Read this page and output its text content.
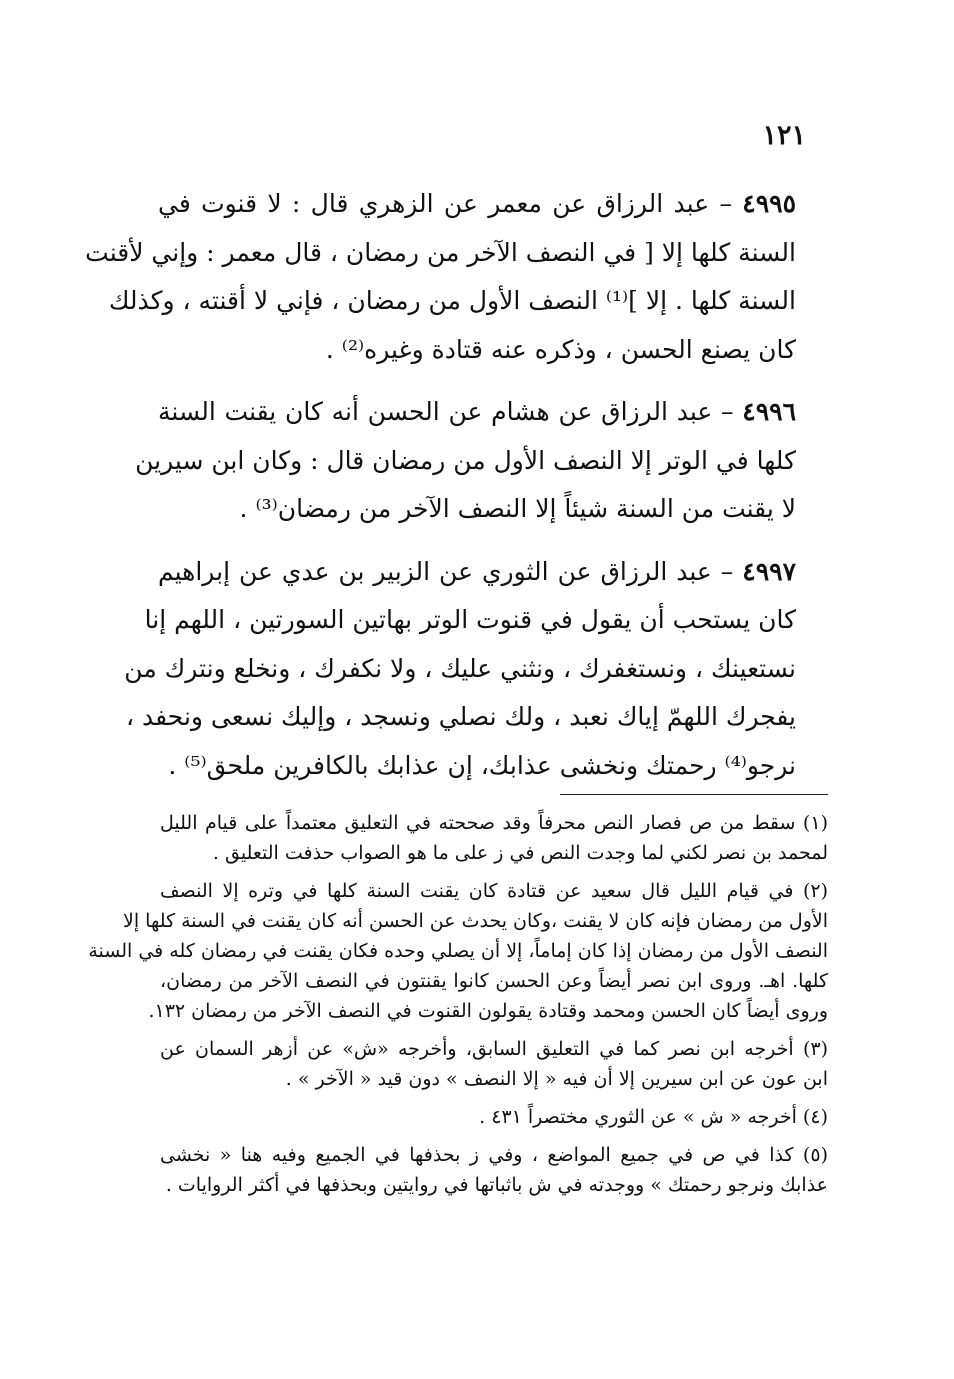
١٢١
٤٩٩٥ – عبد الرزاق عن معمر عن الزهري قال : لا قنوت في
السنة كلها إلا [ في النصف الآخر من رمضان ، قال معمر : وإني لأقنت
السنة كلها . إلا ]⁽¹⁾ النصف الأول من رمضان ، فإني لا أقنته ، وكذلك
كان يصنع الحسن ، وذكره عنه قتادة وغيره⁽²⁾ .
٤٩٩٦ – عبد الرزاق عن هشام عن الحسن أنه كان يقنت السنة
كلها في الوتر إلا النصف الأول من رمضان قال : وكان ابن سيرين
لا يقنت من السنة شيئاً إلا النصف الآخر من رمضان⁽³⁾ .
٤٩٩٧ – عبد الرزاق عن الثوري عن الزبير بن عدي عن إبراهيم
كان يستحب أن يقول في قنوت الوتر بهاتين السورتين ، اللهم إنا
نستعينك ، ونستغفرك ، ونثني عليك ، ولا نكفرك ، ونخلع ونترك من
يفجرك اللهمّ إياك نعبد ، ولك نصلي ونسجد ، وإليك نسعى ونحفد ،
نرجو⁽⁴⁾ رحمتك ونخشى عذابك، إن عذابك بالكافرين ملحق⁽⁵⁾ .
(١) سقط من ص فصار النص محرفاً وقد صححته في التعليق معتمداً على قيام الليل
لمحمد بن نصر لكني لما وجدت النص في ز على ما هو الصواب حذفت التعليق .
(٢) في قيام الليل قال سعيد عن قتادة كان يقنت السنة كلها في وتره إلا النصف
الأول من رمضان فإنه كان لا يقنت ،وكان يحدث عن الحسن أنه كان يقنت في السنة كلها إلا
النصف الأول من رمضان إذا كان إماماً، إلا أن يصلي وحده فكان يقنت في رمضان كله في السنة
كلها. اهـ. وروى ابن نصر أيضاً وعن الحسن كانوا يقنتون في النصف الآخر من رمضان،
وروى أيضاً كان الحسن ومحمد وقتادة يقولون القنوت في النصف الآخر من رمضان ١٣٢.
(٣) أخرجه ابن نصر كما في التعليق السابق، وأخرجه «ش» عن أزهر السمان عن
ابن عون عن ابن سيرين إلا أن فيه « إلا النصف » دون قيد « الآخر » .
(٤) أخرجه « ش » عن الثوري مختصراً ٤٣١ .
(٥) كذا في ص في جميع المواضع ، وفي ز بحذفها في الجميع وفيه هنا « نخشى
عذابك ونرجو رحمتك » ووجدته في ش باثباتها في روايتين وبحذفها في أكثر الروايات .
